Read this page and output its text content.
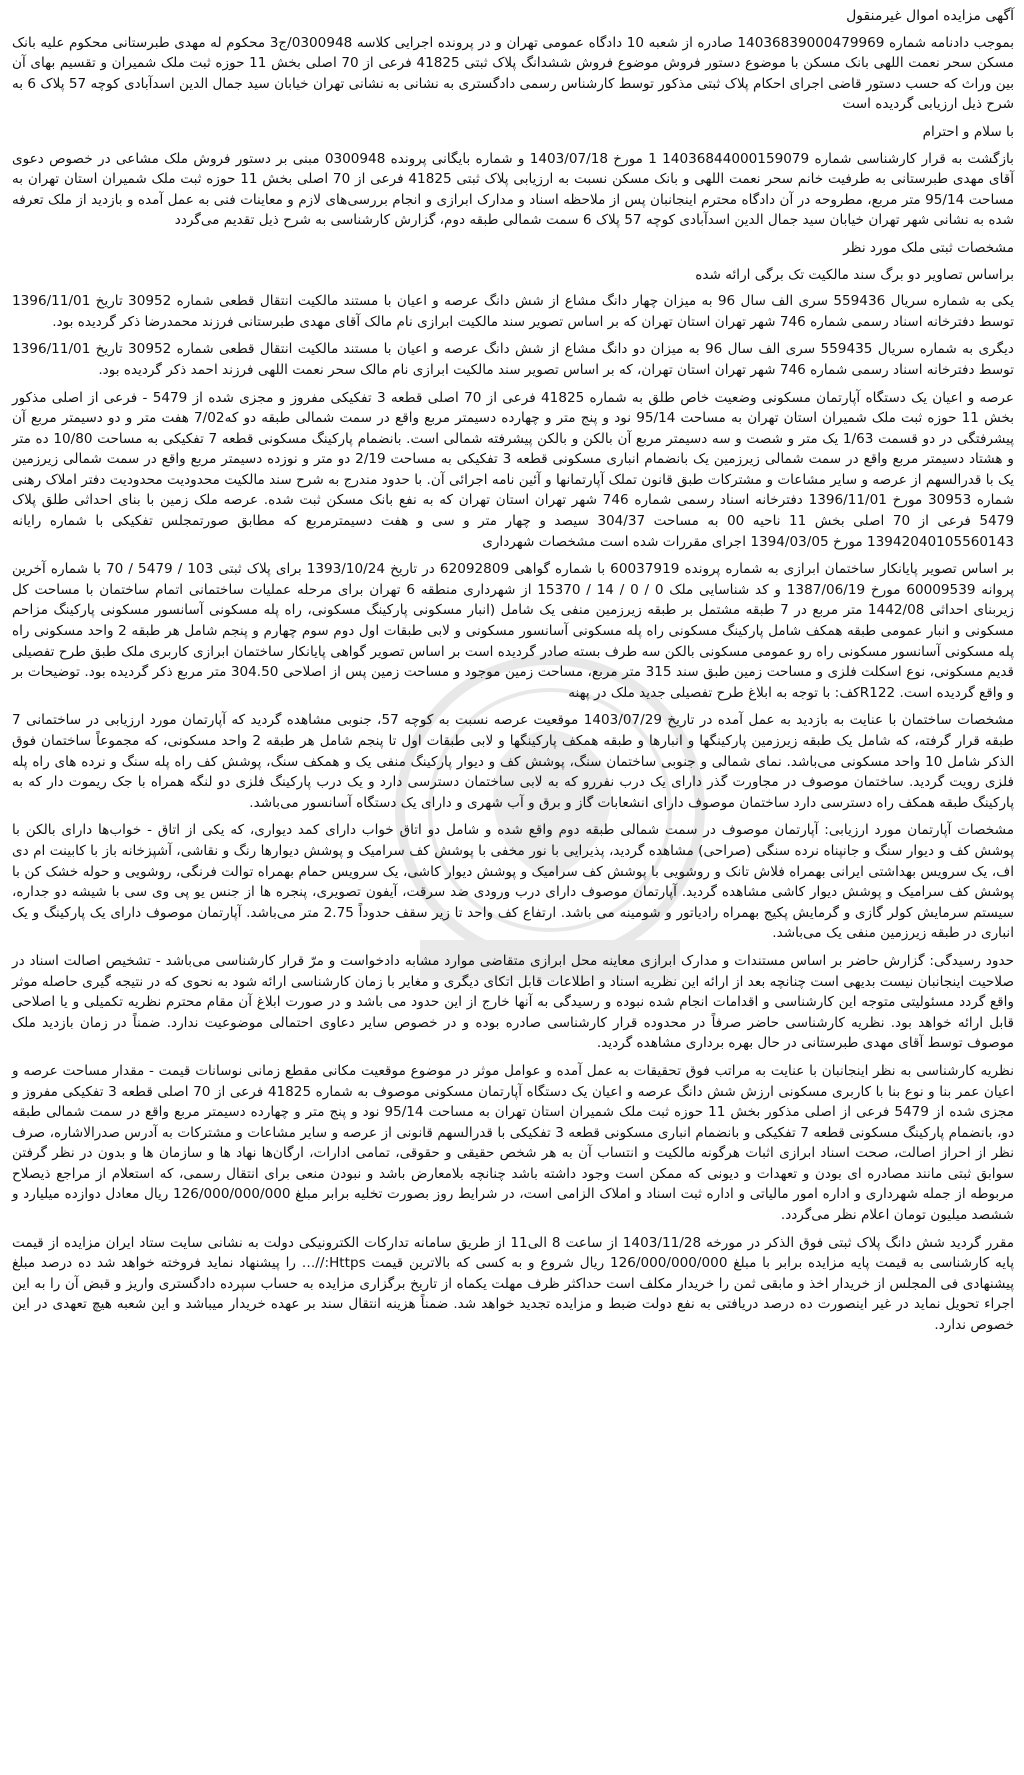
آگهی مزایده اموال غیرمنقول

بموجب دادنامه شماره 14036839000479969 صادره از شعبه 10 دادگاه عمومی تهران و در پرونده اجرایی کلاسه 0300948/ج3 محکوم له مهدی طبرستانی محکوم علیه بانک مسکن سحر نعمت اللهی بانک مسکن با موضوع دستور فروش موضوع فروش ششدانگ پلاک ثبتی 41825 فرعی از 70 اصلی بخش 11 حوزه ثبت ملک شمیران و تقسیم بهای آن بین وراث که حسب دستور قاضی اجرای احکام پلاک ثبتی مذکور توسط کارشناس رسمی دادگستری به نشانی به نشانی تهران خیابان سید جمال الدین اسدآبادی کوچه 57 پلاک 6 به شرح ذیل ارزیابی گردیده است

با سلام و احترام

بازگشت به قرار کارشناسی شماره 14036844000159079 1 مورخ 1403/07/18 و شماره بایگانی پرونده 0300948 مبنی بر دستور فروش ملک مشاعی در خصوص دعوی آقای مهدی طبرستانی به طرفیت خانم سحر نعمت اللهی و بانک مسکن نسبت به ارزیابی پلاک ثبتی 41825 فرعی از 70 اصلی بخش 11 حوزه ثبت ملک شمیران استان تهران به مساحت 95/14 متر مربع، مطروحه در آن دادگاه محترم اینجانبان پس از ملاحظه اسناد و مدارک ابرازی و انجام بررسی‌های لازم و معاینات فنی به عمل آمده و بازدید از ملک تعرفه شده به نشانی شهر تهران خیابان سید جمال الدین اسدآبادی کوچه 57 پلاک 6 سمت شمالی طبقه دوم، گزارش کارشناسی به شرح ذیل تقدیم می‌گردد

مشخصات ثبتی ملک مورد نظر

براساس تصاویر دو برگ سند مالکیت تک برگی ارائه شده

یکی به شماره سریال 559436 سری الف سال 96 به میزان چهار دانگ مشاع از شش دانگ عرصه و اعیان با مستند مالکیت انتقال قطعی شماره 30952 تاریخ 1396/11/01 توسط دفترخانه اسناد رسمی شماره 746 شهر تهران استان تهران که بر اساس تصویر سند مالکیت ابرازی نام مالک آقای مهدی طبرستانی فرزند محمدرضا ذکر گردیده بود.

دیگری به شماره سریال 559435 سری الف سال 96 به میزان دو دانگ مشاع از شش دانگ عرصه و اعیان با مستند مالکیت انتقال قطعی شماره 30952 تاریخ 1396/11/01 توسط دفترخانه اسناد رسمی شماره 746 شهر تهران استان تهران، که بر اساس تصویر سند مالکیت ابرازی نام مالک سحر نعمت اللهی فرزند احمد ذکر گردیده بود.

عرصه و اعیان یک دستگاه آپارتمان مسکونی وضعیت خاص طلق به شماره 41825 فرعی از 70 اصلی قطعه 3 تفکیکی مفروز و مجزی شده از 5479 - فرعی از اصلی مذکور بخش 11 حوزه ثبت ملک شمیران استان تهران به مساحت 95/14 نود و پنج متر و چهارده دسیمتر مربع واقع در سمت شمالی طبقه دو که7/02 هفت متر و دو دسیمتر مربع آن پیشرفتگی در دو قسمت 1/63 یک متر و شصت و سه دسیمتر مربع آن بالکن و بالکن پیشرفته شمالی است. بانضمام پارکینگ مسکونی قطعه 7 تفکیکی به مساحت 10/80 ده متر و هشتاد دسیمتر مربع واقع در سمت شمالی زیرزمین یک بانضمام انباری مسکونی قطعه 3 تفکیکی به مساحت 2/19 دو متر و نوزده دسیمتر مربع واقع در سمت شمالی زیرزمین یک با قدرالسهم از عرصه و سایر مشاعات و مشترکات طبق قانون تملک آپارتمانها و آئین نامه اجرائی آن. با حدود مندرج به شرح سند مالکیت محدودیت محدودیت دفتر املاک رهنی شماره 30953 مورخ 1396/11/01 دفترخانه اسناد رسمی شماره 746 شهر تهران استان تهران که به نفع بانک مسکن ثبت شده. عرصه ملک زمین با بنای احداثی طلق پلاک 5479 فرعی از 70 اصلی بخش 11 ناحیه 00 به مساحت 304/37 سیصد و چهار متر و سی و هفت دسیمترمربع که مطابق صورتمجلس تفکیکی با شماره رایانه 13942040105560143 مورخ 1394/03/05 اجرای مقررات شده است مشخصات شهرداری

بر اساس تصویر پایانکار ساختمان ابرازی به شماره پرونده 60037919 با شماره گواهی 62092809 در تاریخ 1393/10/24 برای پلاک ثبتی 103 / 5479 / 70 با شماره آخرین پروانه 60009539 مورخ 1387/06/19 و کد شناسایی ملک 0 / 0 / 14 / 15370 از شهرداری منطقه 6 تهران برای مرحله عملیات ساختمانی اتمام ساختمان با مساحت کل زیربنای احداثی 1442/08 متر مربع در 7 طبقه مشتمل بر طبقه زیرزمین منفی یک شامل (انبار مسکونی پارکینگ مسکونی، راه پله مسکونی آسانسور مسکونی پارکینگ مزاحم مسکونی و انبار عمومی طبقه همکف شامل پارکینگ مسکونی راه پله مسکونی آسانسور مسکونی و لابی طبقات اول دوم سوم چهارم و پنجم شامل هر طبقه 2 واحد مسکونی راه پله مسکونی آسانسور مسکونی راه رو عمومی مسکونی بالکن سه طرف بسته صادر گردیده است بر اساس تصویر گواهی پایانکار ساختمان ابرازی کاربری ملک طبق طرح تفصیلی قدیم مسکونی، نوع اسکلت فلزی و مساحت زمین طبق سند 315 متر مربع، مساحت زمین موجود و مساحت زمین پس از اصلاحی 304.50 متر مربع ذکر گردیده بود. توضیحات بر و واقع گردیده است. R122کف: با توجه به ابلاغ طرح تفصیلی جدید ملک در پهنه

مشخصات ساختمان با عنایت به بازدید به عمل آمده در تاریخ 1403/07/29 موقعیت عرصه نسبت به کوچه 57، جنوبی مشاهده گردید که آپارتمان مورد ارزیابی در ساختمانی 7 طبقه قرار گرفته، که شامل یک طبقه زیرزمین پارکینگها و انبارها و طبقه همکف پارکینگها و لابی طبقات اول تا پنجم شامل هر طبقه 2 واحد مسکونی، که مجموعاً ساختمان فوق الذکر شامل 10 واحد مسکونی می‌باشد. نمای شمالی و جنوبی ساختمان سنگ، پوشش کف و دیوار پارکینگ منفی یک و همکف سنگ، پوشش کف راه پله سنگ و نرده های راه پله فلزی رویت گردید. ساختمان موصوف در مجاورت گذر دارای یک درب نفررو که به لابی ساختمان دسترسی دارد و یک درب پارکینگ فلزی دو لنگه همراه با جک ریموت دار که به پارکینگ طبقه همکف راه دسترسی دارد ساختمان موصوف دارای انشعابات گاز و برق و آب شهری و دارای یک دستگاه آسانسور می‌باشد.

مشخصات آپارتمان مورد ارزیابی: آپارتمان موصوف در سمت شمالی طبقه دوم واقع شده و شامل دو اتاق خواب دارای کمد دیواری، که یکی از اتاق - خواب‌ها دارای بالکن با پوشش کف و دیوار سنگ و جانپناه نرده سنگی (صراحی) مشاهده گردید، پذیرایی با نور مخفی با پوشش کف سرامیک و پوشش دیوارها رنگ و نقاشی، آشپزخانه باز با کابینت ام دی اف، یک سرویس بهداشتی ایرانی بهمراه فلاش تانک و روشویی با پوشش کف سرامیک و پوشش دیوار کاشی، یک سرویس حمام بهمراه توالت فرنگی، روشویی و حوله خشک کن با پوشش کف سرامیک و پوشش دیوار کاشی مشاهده گردید. آپارتمان موصوف دارای درب ورودی ضد سرقت، آیفون تصویری، پنجره ها از جنس یو پی وی سی با شیشه دو جداره، سیستم سرمایش کولر گازی و گرمایش پکیج بهمراه رادیاتور و شومینه می باشد. ارتفاع کف واحد تا زیر سقف حدوداً 2.75 متر می‌باشد. آپارتمان موصوف دارای یک پارکینگ و یک انباری در طبقه زیرزمین منفی یک می‌باشد.

حدود رسیدگی: گزارش حاضر بر اساس مستندات و مدارک ابرازی معاینه محل ابرازی متقاضی موارد مشابه دادخواست و مرّ قرار کارشناسی می‌باشد - تشخیص اصالت اسناد در صلاحیت اینجانبان نیست بدیهی است چنانچه بعد از ارائه این نظریه اسناد و اطلاعات قابل اتکای دیگری و مغایر با زمان کارشناسی ارائه شود به نحوی که در نتیجه گیری حاصله موثر واقع گردد مسئولیتی متوجه این کارشناسی و اقدامات انجام شده نبوده و رسیدگی به آنها خارج از این حدود می باشد و در صورت ابلاغ آن مقام محترم نظریه تکمیلی و یا اصلاحی قابل ارائه خواهد بود. نظریه کارشناسی حاضر صرفاً در محدوده قرار کارشناسی صادره بوده و در خصوص سایر دعاوی احتمالی موضوعیت ندارد. ضمناً در زمان بازدید ملک موصوف توسط آقای مهدی طبرستانی در حال بهره برداری مشاهده گردید.

نظریه کارشناسی به نظر اینجانبان با عنایت به مراتب فوق تحقیقات به عمل آمده و عوامل موثر در موضوع موقعیت مکانی مقطع زمانی نوسانات قیمت - مقدار مساحت عرصه و اعیان عمر بنا و نوع بنا با کاربری مسکونی ارزش شش دانگ عرصه و اعیان یک دستگاه آپارتمان مسکونی موصوف به شماره 41825 فرعی از 70 اصلی قطعه 3 تفکیکی مفروز و مجزی شده از 5479 فرعی از اصلی مذکور بخش 11 حوزه ثبت ملک شمیران استان تهران به مساحت 95/14 نود و پنج متر و چهارده دسیمتر مربع واقع در سمت شمالی طبقه دو، بانضمام پارکینگ مسکونی قطعه 7 تفکیکی و بانضمام انباری مسکونی قطعه 3 تفکیکی با قدرالسهم قانونی از عرصه و سایر مشاعات و مشترکات به آدرس صدرالاشاره، صرف نظر از احراز اصالت، صحت اسناد ابرازی اثبات هرگونه مالکیت و انتساب آن به هر شخص حقیقی و حقوقی، تمامی ادارات، ارگان‌ها نهاد ها و سازمان ها و بدون در نظر گرفتن سوابق ثبتی مانند مصادره ای بودن و تعهدات و دیونی که ممکن است وجود داشته باشد چنانچه بلامعارض باشد و نبودن منعی برای انتقال رسمی، که استعلام از مراجع ذیصلاح مربوطه از جمله شهرداری و اداره امور مالیاتی و اداره ثبت اسناد و املاک الزامی است، در شرایط روز بصورت تخلیه برابر مبلغ 126/000/000/000 ریال معادل دوازده میلیارد و ششصد میلیون تومان اعلام نظر می‌گردد.

مقرر گردید شش دانگ پلاک ثبتی فوق الذکر در مورخه 1403/11/28 از ساعت 8 الی11 از طریق سامانه تدارکات الکترونیکی دولت به نشانی سایت ستاد ایران مزایده از قیمت پایه کارشناسی به قیمت پایه مزایده برابر با مبلغ 126/000/000/000 ریال شروع و به کسی که بالاترین قیمت Https://… را پیشنهاد نماید فروخته خواهد شد ده درصد مبلغ پیشنهادی فی المجلس از خریدار اخذ و مابقی ثمن را خریدار مکلف است حداکثر ظرف مهلت یکماه از تاریخ برگزاری مزایده به حساب سپرده دادگستری واریز و قبض آن را به این اجراء تحویل نماید در غیر اینصورت ده درصد دریافتی به نفع دولت ضبط و مزایده تجدید خواهد شد. ضمناً هزینه انتقال سند بر عهده خریدار میباشد و این شعبه هیچ تعهدی در این خصوص ندارد.
